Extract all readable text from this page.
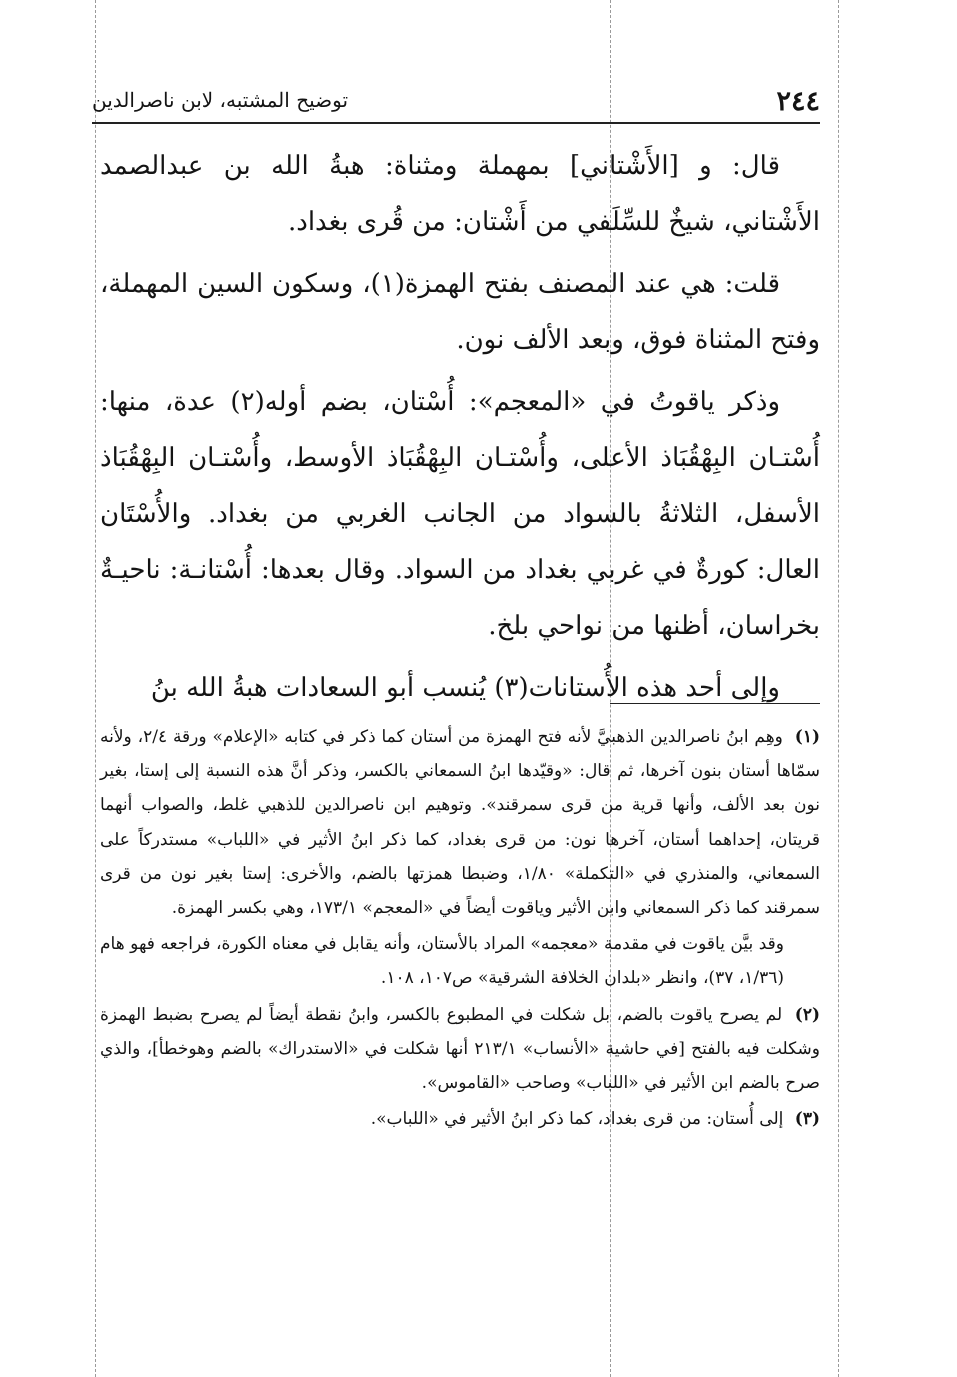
٢٤٤
توضيح المشتبه، لابن ناصرالدين

قال: و [الأَشْتاني] بمهملة ومثناة: هبةُ الله بن عبدالصمد الأَشْتاني، شيخٌ للسِّلَفي من أَشْتان: من قُرى بغداد.

قلت: هي عند المصنف بفتح الهمزة(١)، وسكون السين المهملة، وفتح المثناة فوق، وبعد الألف نون.

وذكر ياقوتُ في «المعجم»: أُسْتان، بضم أوله(٢) عدة، منها: أُسْتـان البِهْقُبَاذ الأعلى، وأُسْتـان البِهْقُبَاذ الأوسط، وأُسْتـان البِهْقُبَاذ الأسفل، الثلاثةُ بالسواد من الجانب الغربي من بغداد. والأُسْتَان العال: كورةٌ في غربي بغداد من السواد. وقال بعدها: أُسْتانـة: ناحيـةٌ بخراسان، أظنها من نواحي بلخ.

وإلى أحد هذه الأُستانات(٣) يُنسب أبو السعادات هبةُ الله بنُ

(١) وهِم ابنُ ناصرالدين الذهبيَّ لأنه فتح الهمزة من أستان كما ذكر في كتابه «الإعلام» ورقة ٢/٤، ولأنه سمّاها أستان بنون آخرها، ثم قال: «وقيّدها ابنُ السمعاني بالكسر، وذكر أنَّ هذه النسبة إلى إستا، بغير نون بعد الألف، وأنها قرية من قرى سمرقند». وتوهيم ابن ناصرالدين للذهبي غلط، والصواب أنهما قريتان، إحداهما أستان، آخرها نون: من قرى بغداد، كما ذكر ابنُ الأثير في «اللباب» مستدركاً على السمعاني، والمنذري في «التكملة» ١/٨٠، وضبطا همزتها بالضم، والأخرى: إستا بغير نون من قرى سمرقند كما ذكر السمعاني وابن الأثير وياقوت أيضاً في «المعجم» ١٧٣/١، وهي بكسر الهمزة.

وقد بيَّن ياقوت في مقدمة «معجمه» المراد بالأستان، وأنه يقابل في معناه الكورة، فراجعه فهو هام (١/٣٦، ٣٧)، وانظر «بلدان الخلافة الشرقية» ص١٠٧، ١٠٨.

(٢) لم يصرح ياقوت بالضم، بل شكلت في المطبوع بالكسر، وابنُ نقطة أيضاً لم يصرح بضبط الهمزة وشكلت فيه بالفتح [في حاشية «الأنساب» ٢١٣/١ أنها شكلت في «الاستدراك» بالضم وهوخطأ]، والذي صرح بالضم ابن الأثير في «اللباب» وصاحب «القاموس».

(٣) إلى أُستان: من قرى بغداد، كما ذكر ابنُ الأثير في «اللباب».
